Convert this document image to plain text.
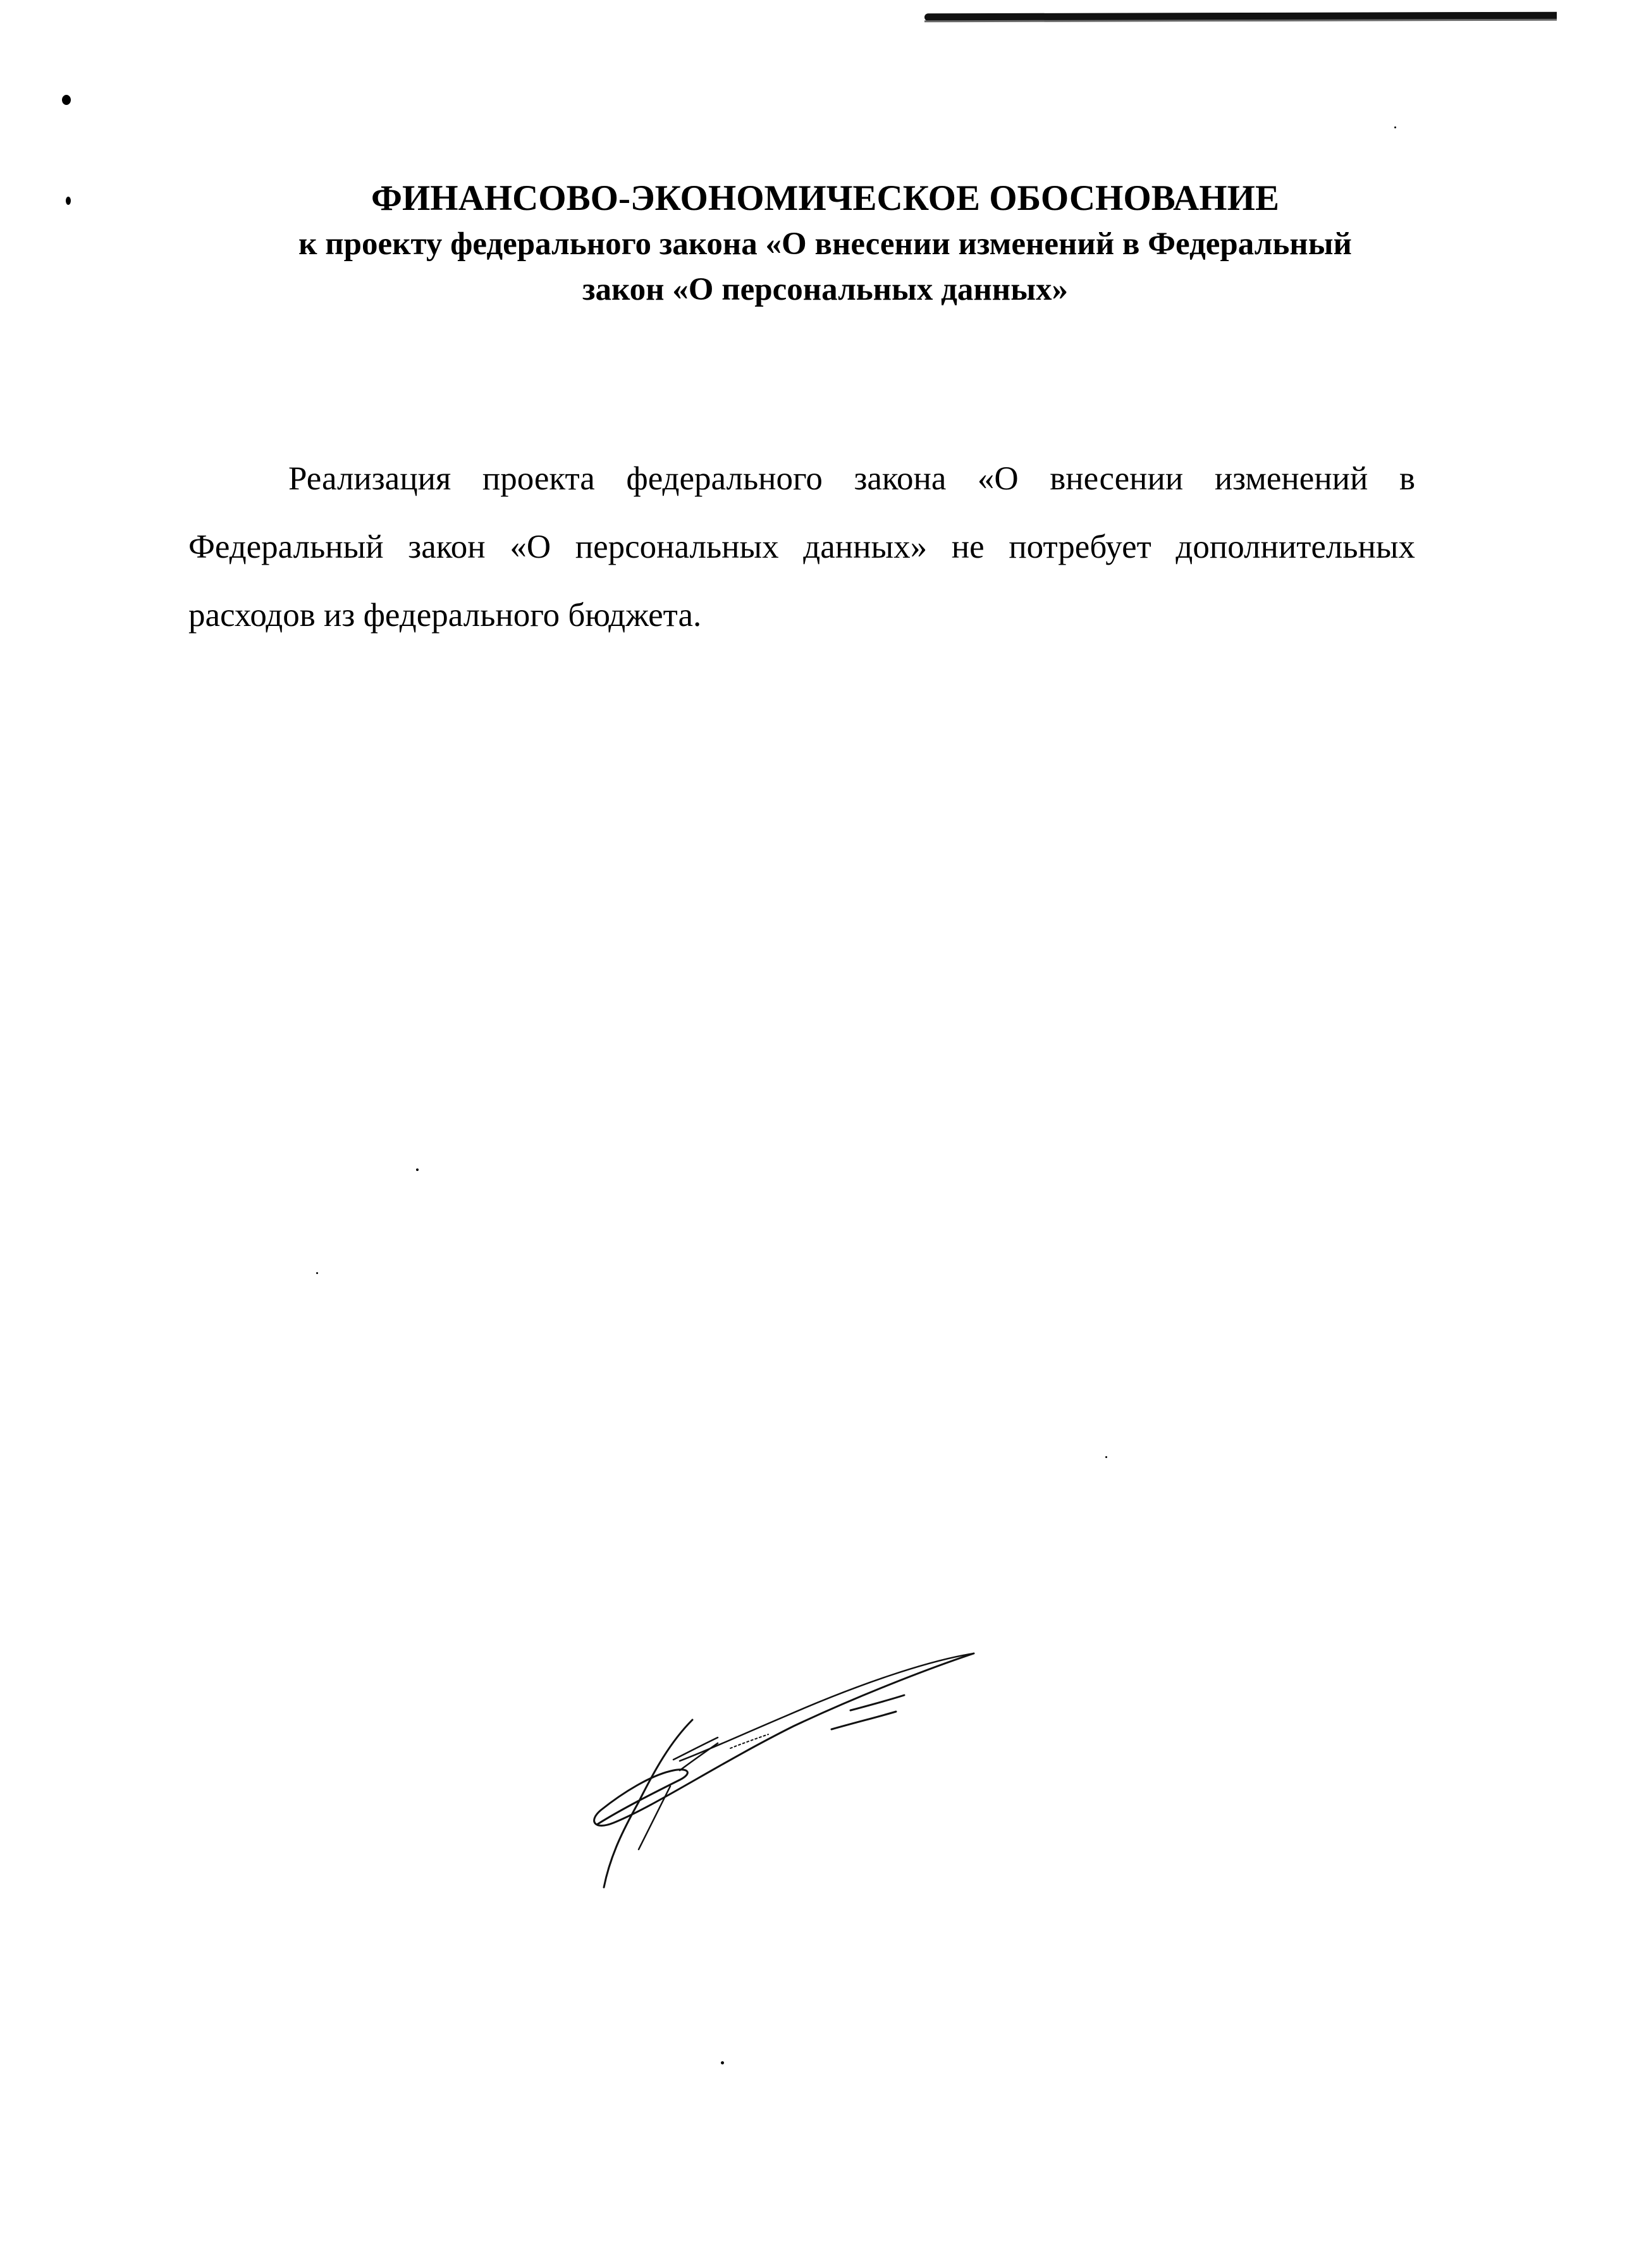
ФИНАНСОВО-ЭКОНОМИЧЕСКОЕ ОБОСНОВАНИЕ
к проекту федерального закона «О внесении изменений в Федеральный
закон «О персональных данных»
Реализация проекта федерального закона «О внесении изменений в
Федеральный закон «О персональных данных» не потребует дополнительных
расходов из федерального бюджета.
